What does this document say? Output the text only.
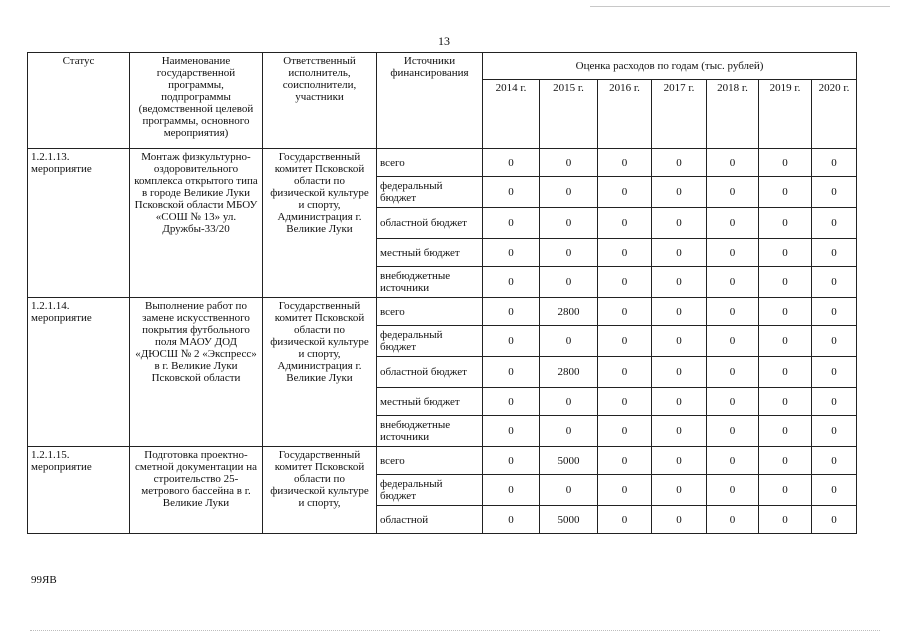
13
Статус	Наименование государственной программы, подпрограммы (ведомственной целевой программы, основного мероприятия)	Ответственный исполнитель, соисполнители, участники	Источники финансирования	Оценка расходов по годам (тыс. рублей)						
				2014 г.	2015 г.	2016 г.	2017 г.	2018 г.	2019 г.	2020 г.

1.2.1.13.
мероприятие	Монтаж физкультурно-оздоровительного комплекса открытого типа в городе Великие Луки Псковской области МБОУ «СОШ № 13» ул. Дружбы-33/20	Государственный комитет Псковской области по физической культуре и спорту, Администрация г. Великие Луки	всего	0	0	0	0	0	0	0
			федеральный бюджет	0	0	0	0	0	0	0
			областной бюджет	0	0	0	0	0	0	0
			местный бюджет	0	0	0	0	0	0	0
			внебюджетные источники	0	0	0	0	0	0	0

1.2.1.14.
мероприятие	Выполнение работ по замене искусственного покрытия футбольного поля МАОУ ДОД «ДЮСШ № 2 «Экспресс» в г. Великие Луки Псковской области	Государственный комитет Псковской области по физической культуре и спорту, Администрация г. Великие Луки	всего	0	2800	0	0	0	0	0
			федеральный бюджет	0	0	0	0	0	0	0
			областной бюджет	0	2800	0	0	0	0	0
			местный бюджет	0	0	0	0	0	0	0
			внебюджетные источники	0	0	0	0	0	0	0

1.2.1.15.
мероприятие	Подготовка проектно-сметной документации на строительство 25-метрового бассейна в г. Великие Луки	Государственный комитет Псковской области по физической культуре и спорту,	всего	0	5000	0	0	0	0	0
			федеральный бюджет	0	0	0	0	0	0	0
			областной	0	5000	0	0	0	0	0
99ЯВ
